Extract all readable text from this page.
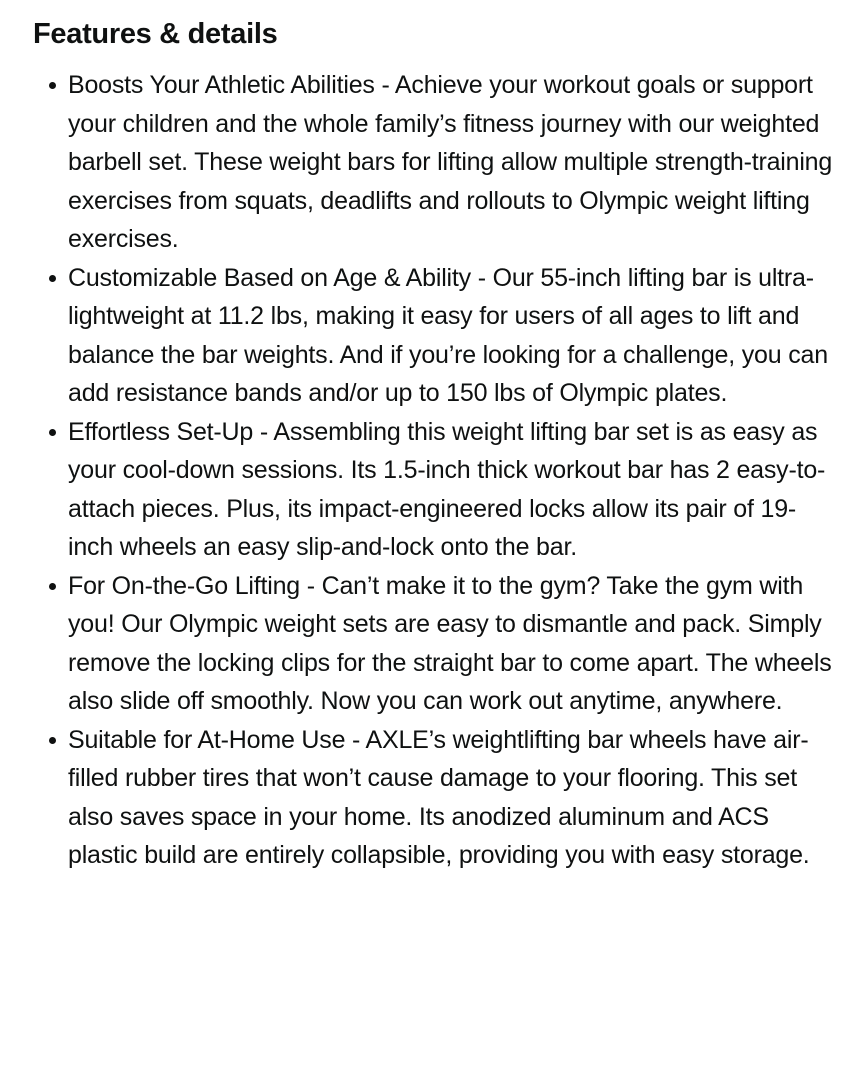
Features & details
Boosts Your Athletic Abilities - Achieve your workout goals or support your children and the whole family’s fitness journey with our weighted barbell set. These weight bars for lifting allow multiple strength-training exercises from squats, deadlifts and rollouts to Olympic weight lifting exercises.
Customizable Based on Age & Ability - Our 55-inch lifting bar is ultra-lightweight at 11.2 lbs, making it easy for users of all ages to lift and balance the bar weights. And if you’re looking for a challenge, you can add resistance bands and/or up to 150 lbs of Olympic plates.
Effortless Set-Up - Assembling this weight lifting bar set is as easy as your cool-down sessions. Its 1.5-inch thick workout bar has 2 easy-to-attach pieces. Plus, its impact-engineered locks allow its pair of 19-inch wheels an easy slip-and-lock onto the bar.
For On-the-Go Lifting - Can’t make it to the gym? Take the gym with you! Our Olympic weight sets are easy to dismantle and pack. Simply remove the locking clips for the straight bar to come apart. The wheels also slide off smoothly. Now you can work out anytime, anywhere.
Suitable for At-Home Use - AXLE’s weightlifting bar wheels have air-filled rubber tires that won’t cause damage to your flooring. This set also saves space in your home. Its anodized aluminum and ACS plastic build are entirely collapsible, providing you with easy storage.
